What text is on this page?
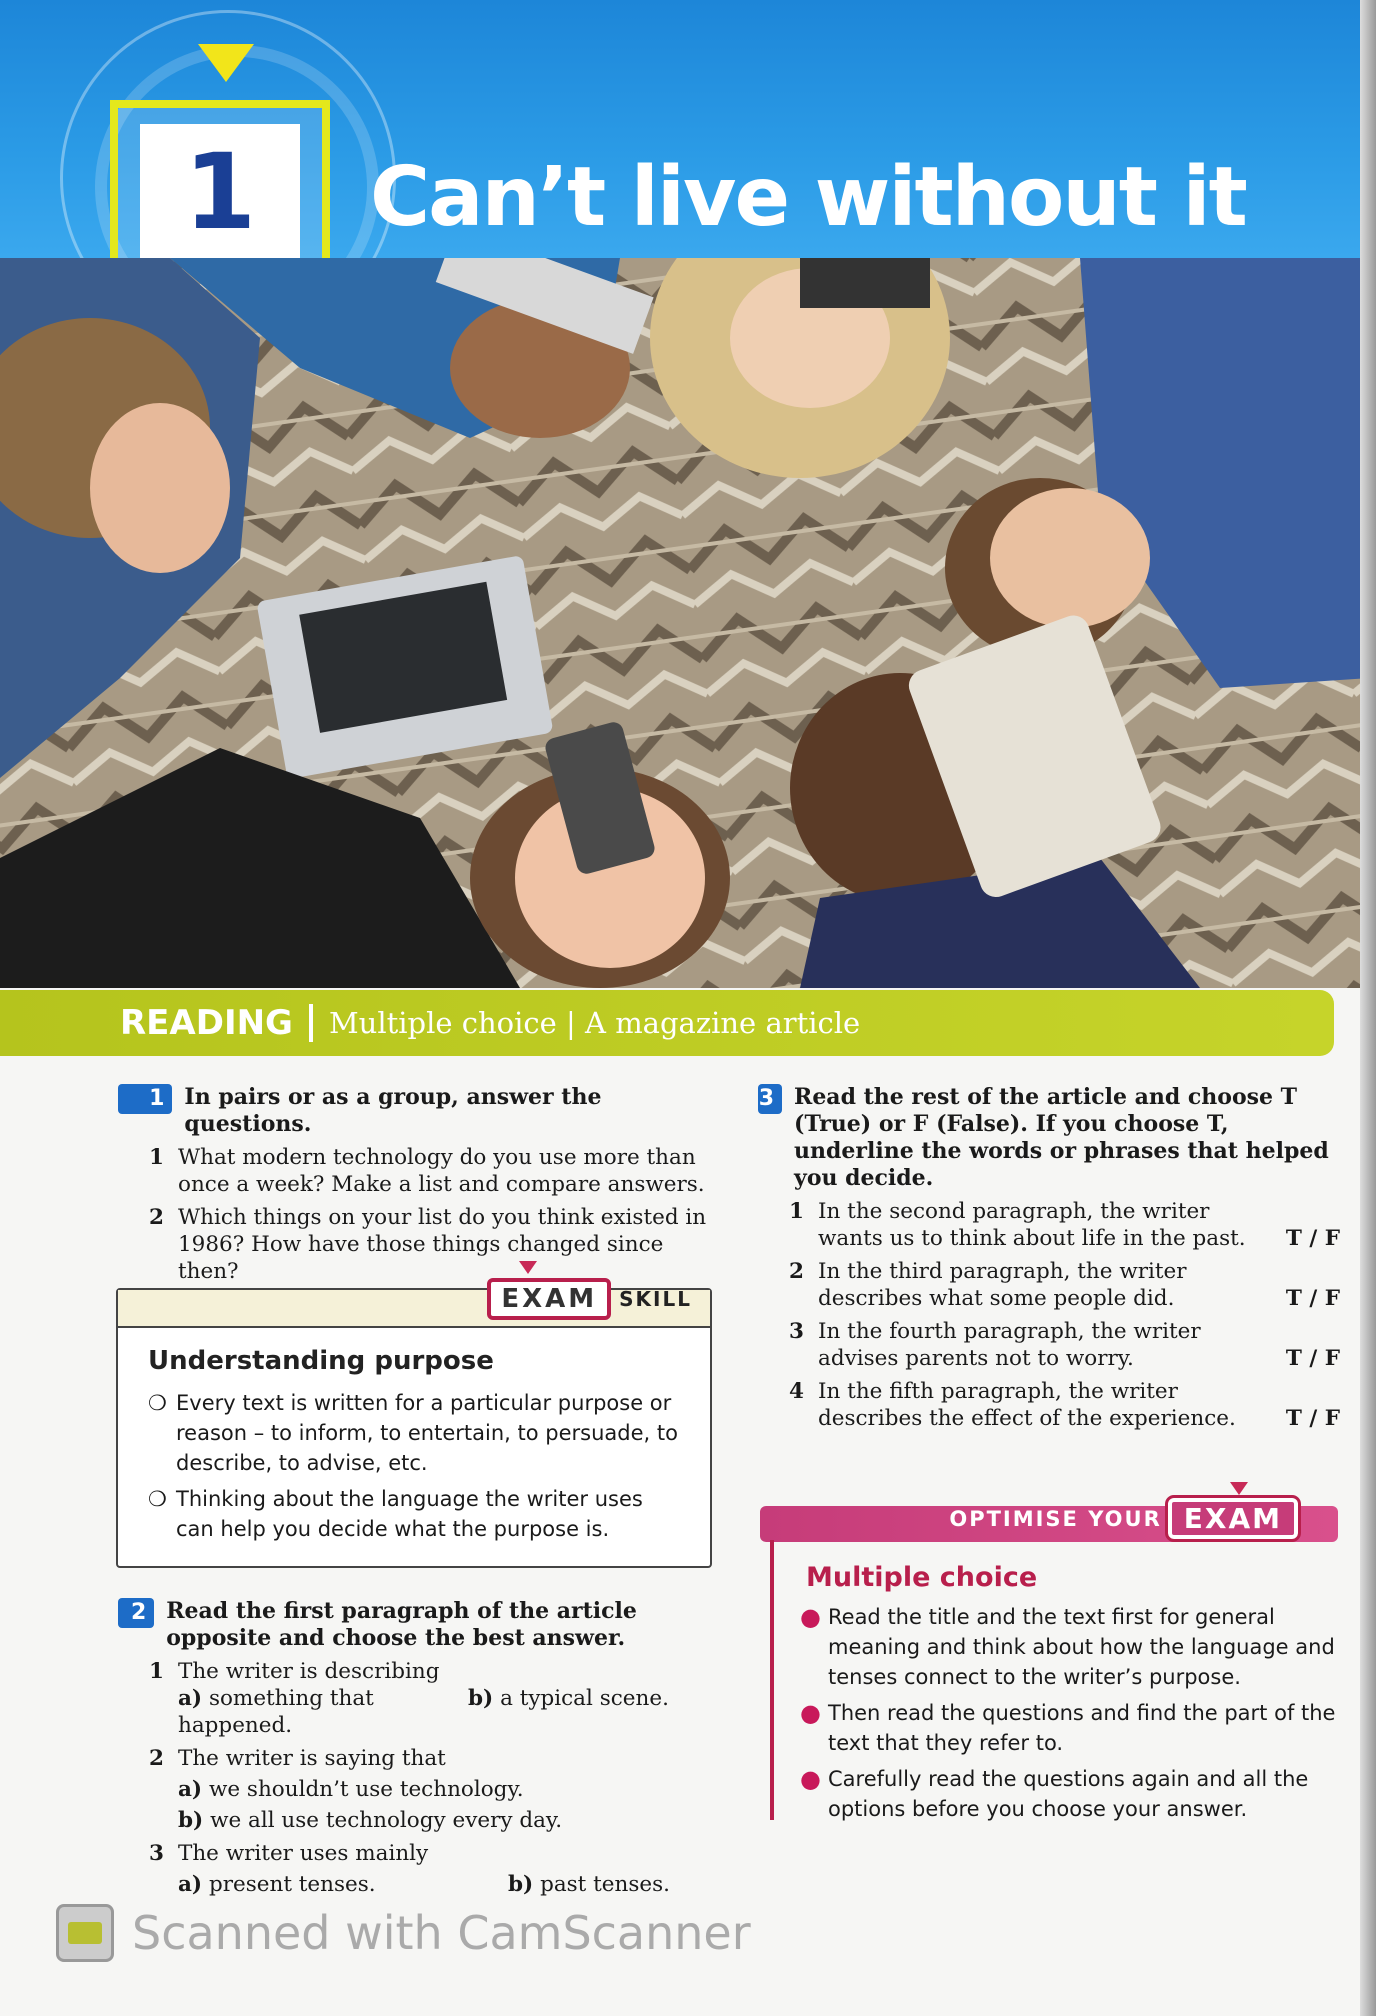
1 Can’t live without it
READING Multiple choice | A magazine article
1 In pairs or as a group, answer the questions.
1 What modern technology do you use more than once a week? Make a list and compare answers.
2 Which things on your list do you think existed in 1986? How have those things changed since then?
EXAM	SKILL
Understanding purpose
❍ Every text is written for a particular purpose or reason – to inform, to entertain, to persuade, to describe, to advise, etc.
❍ Thinking about the language the writer uses can help you decide what the purpose is.
2 Read the first paragraph of the article opposite and choose the best answer.
1 The writer is describing
a) something that happened.
b) a typical scene.
2 The writer is saying that
a) we shouldn’t use technology.
b) we all use technology every day.
3 The writer uses mainly
a) present tenses.	b) past tenses.
3 Read the rest of the article and choose T (True) or F (False). If you choose T, underline the words or phrases that helped you decide.
1 In the second paragraph, the writer wants us to think about life in the past.	T / F
2 In the third paragraph, the writer describes what some people did.	T / F
3 In the fourth paragraph, the writer advises parents not to worry.	T / F
4 In the fifth paragraph, the writer describes the effect of the experience.	T / F
OPTIMISE YOUR EXAM
Multiple choice
● Read the title and the text first for general meaning and think about how the language and tenses connect to the writer’s purpose.
● Then read the questions and find the part of the text that they refer to.
● Carefully read the questions again and all the options before you choose your answer.
Scanned with CamScanner
